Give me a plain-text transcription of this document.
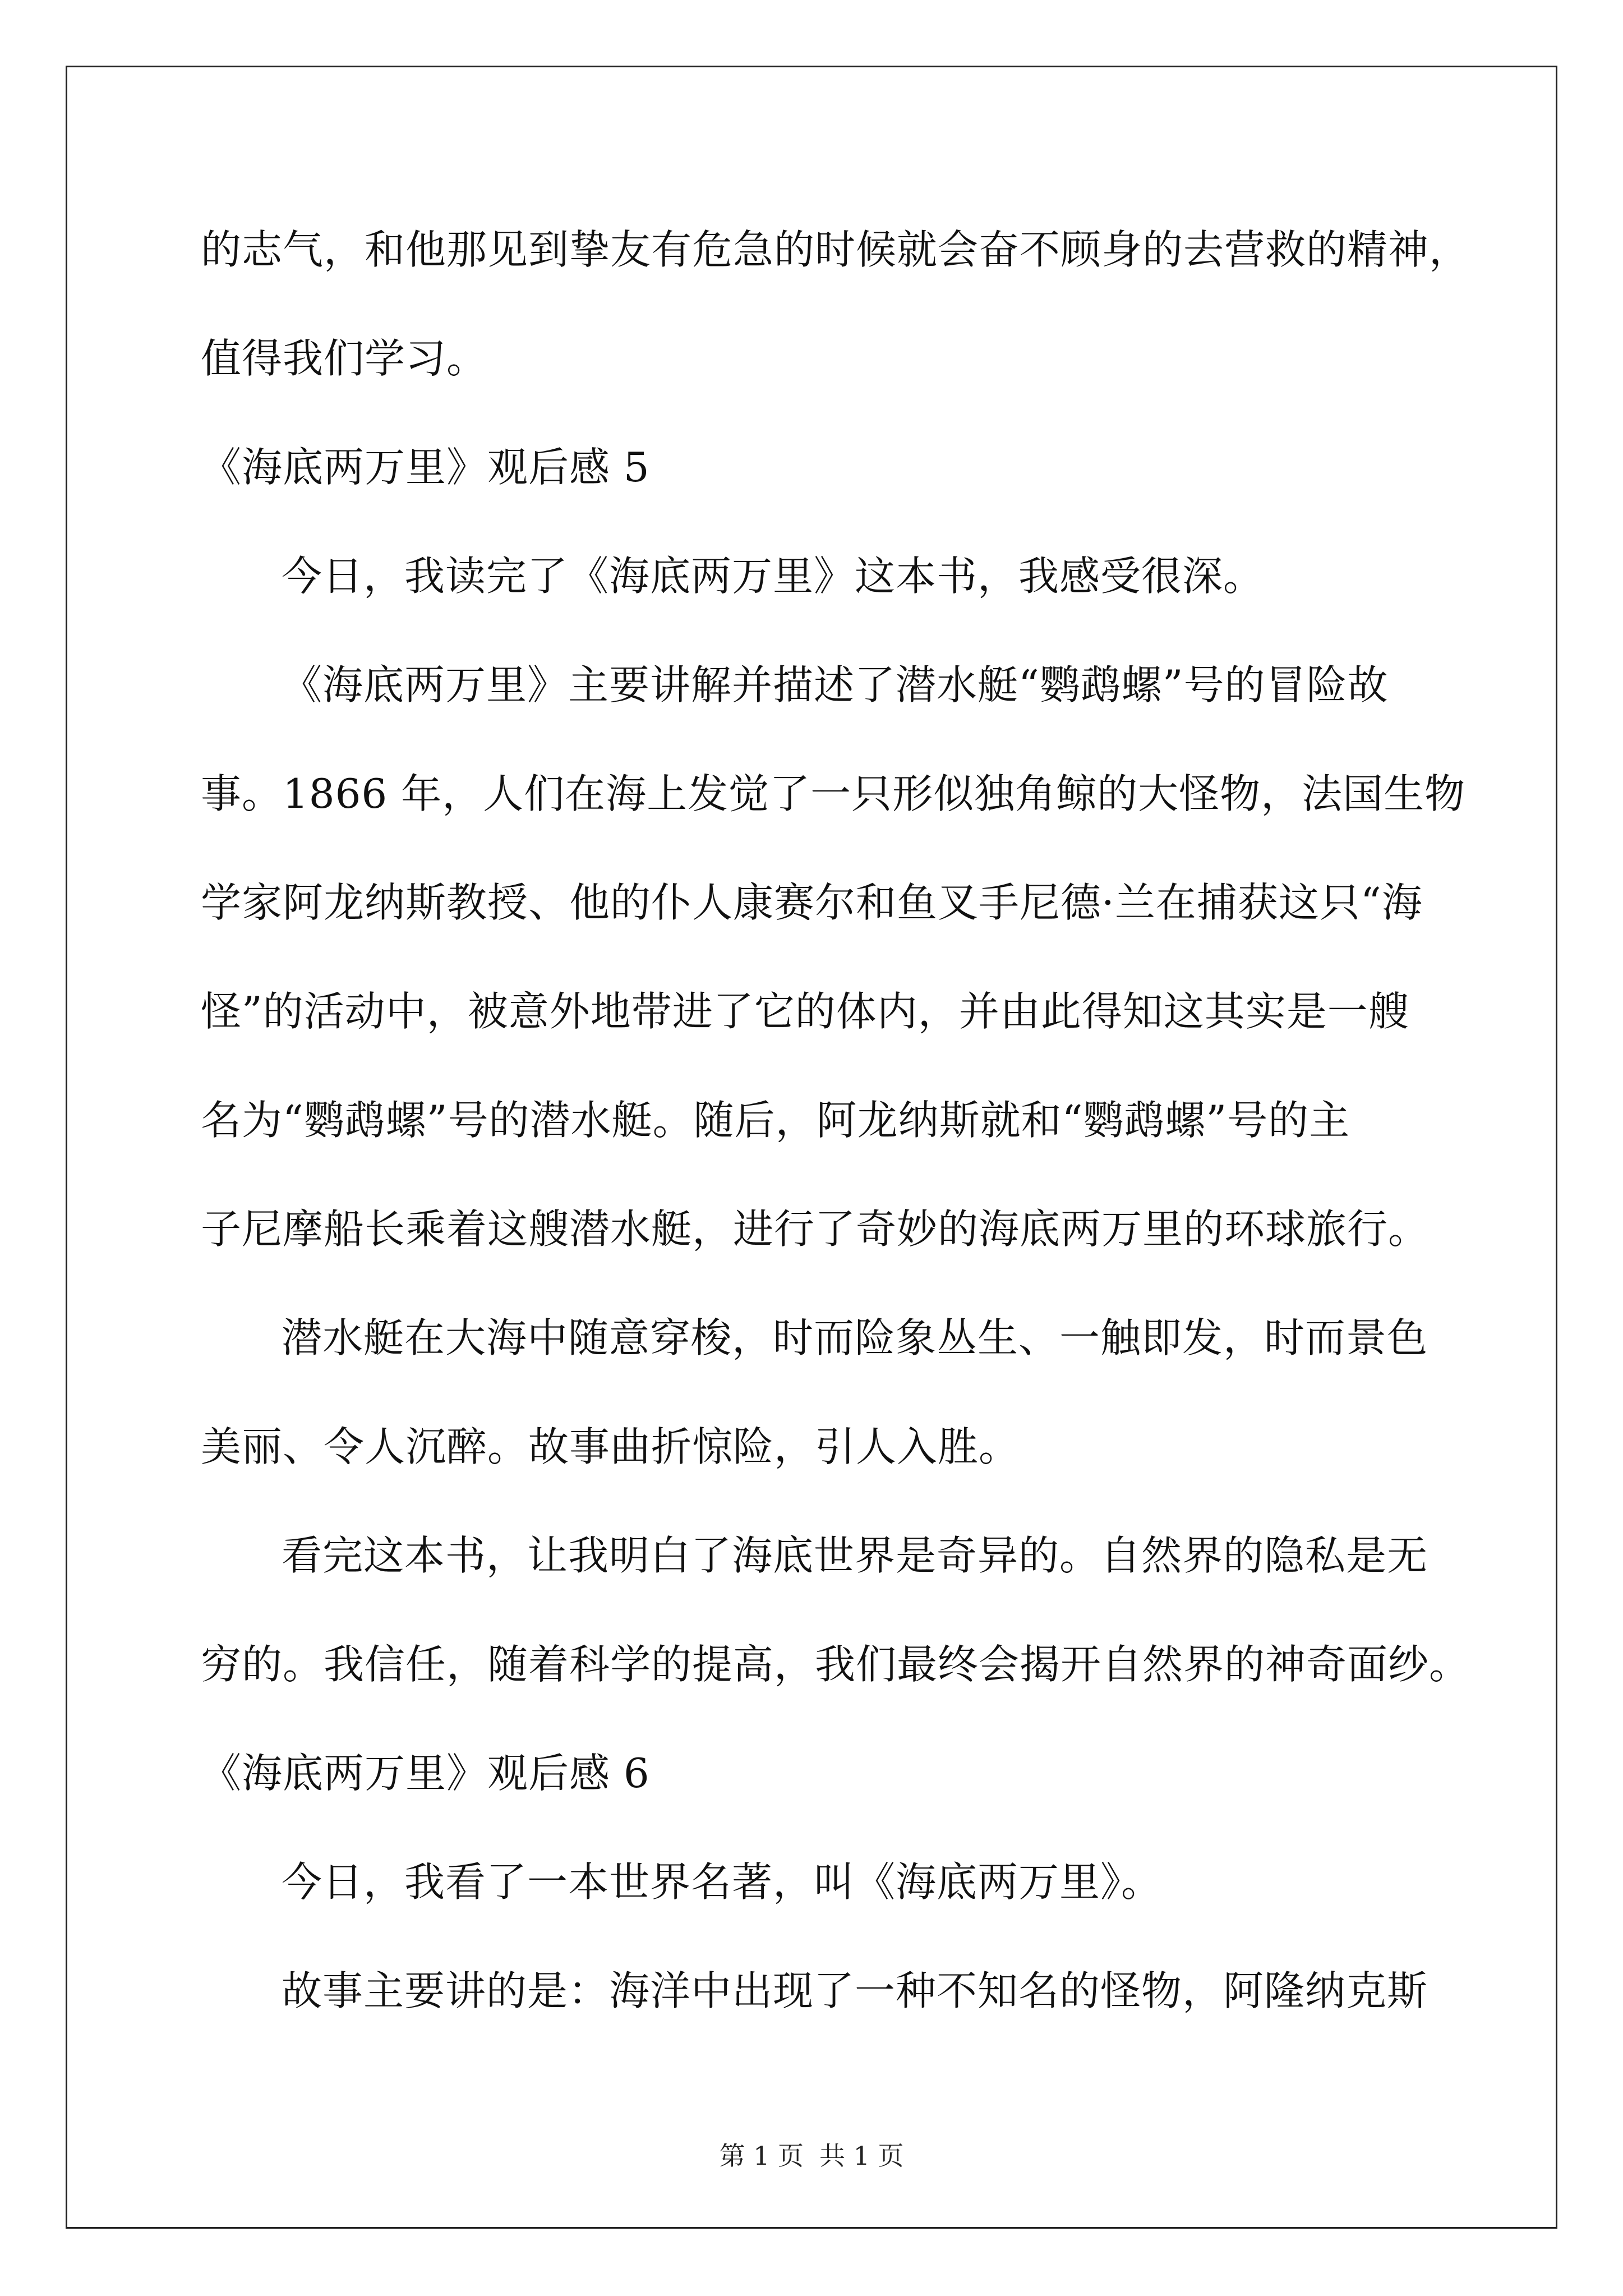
的志气，和他那见到挚友有危急的时候就会奋不顾身的去营救的精神，
值得我们学习。
《海底两万里》观后感 5
今日，我读完了《海底两万里》这本书，我感受很深。
《海底两万里》主要讲解并描述了潜水艇“鹦鹉螺”号的冒险故
事。1866 年，人们在海上发觉了一只形似独角鲸的大怪物，法国生物
学家阿龙纳斯教授、他的仆人康赛尔和鱼叉手尼德·兰在捕获这只“海
怪”的活动中，被意外地带进了它的体内，并由此得知这其实是一艘
名为“鹦鹉螺”号的潜水艇。随后，阿龙纳斯就和“鹦鹉螺”号的主
子尼摩船长乘着这艘潜水艇，进行了奇妙的海底两万里的环球旅行。
潜水艇在大海中随意穿梭，时而险象丛生、一触即发，时而景色
美丽、令人沉醉。故事曲折惊险，引人入胜。
看完这本书，让我明白了海底世界是奇异的。自然界的隐私是无
穷的。我信任，随着科学的提高，我们最终会揭开自然界的神奇面纱。
《海底两万里》观后感 6
今日，我看了一本世界名著，叫《海底两万里》。
故事主要讲的是：海洋中出现了一种不知名的怪物，阿隆纳克斯
第 1 页 共 1 页
